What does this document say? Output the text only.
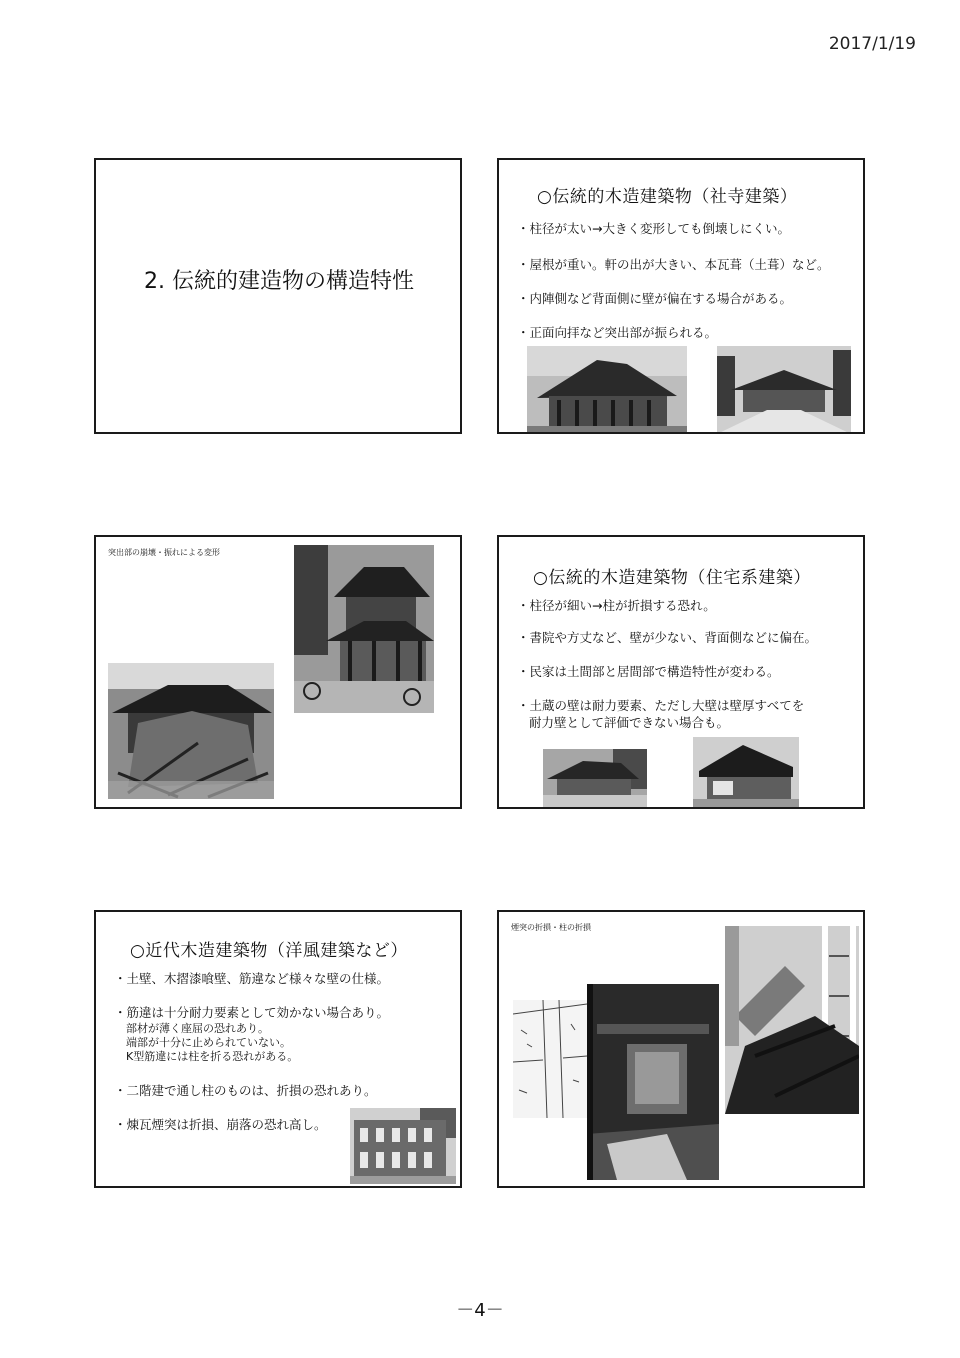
2017/1/19
2. 伝統的建造物の構造特性
○伝統的木造建築物（社寺建築）
・柱径が太い→大きく変形しても倒壊しにくい。
・屋根が重い。軒の出が大きい、本瓦葺（土葺）など。
・内陣側など背面側に壁が偏在する場合がある。
・正面向拝など突出部が振られる。
突出部の崩壊・振れによる変形
○伝統的木造建築物（住宅系建築）
・柱径が細い→柱が折損する恐れ。
・書院や方丈など、壁が少ない、背面側などに偏在。
・民家は土間部と居間部で構造特性が変わる。
・土蔵の壁は耐力要素、ただし大壁は壁厚すべてを
耐力壁として評価できない場合も。
○近代木造建築物（洋風建築など）
・土壁、木摺漆喰壁、筋違など様々な壁の仕様。
・筋違は十分耐力要素として効かない場合あり。
部材が薄く座屈の恐れあり。
端部が十分に止められていない。
K型筋違には柱を折る恐れがある。
・二階建で通し柱のものは、折損の恐れあり。
・煉瓦煙突は折損、崩落の恐れ高し。
煙突の折損・柱の折損
－4－
